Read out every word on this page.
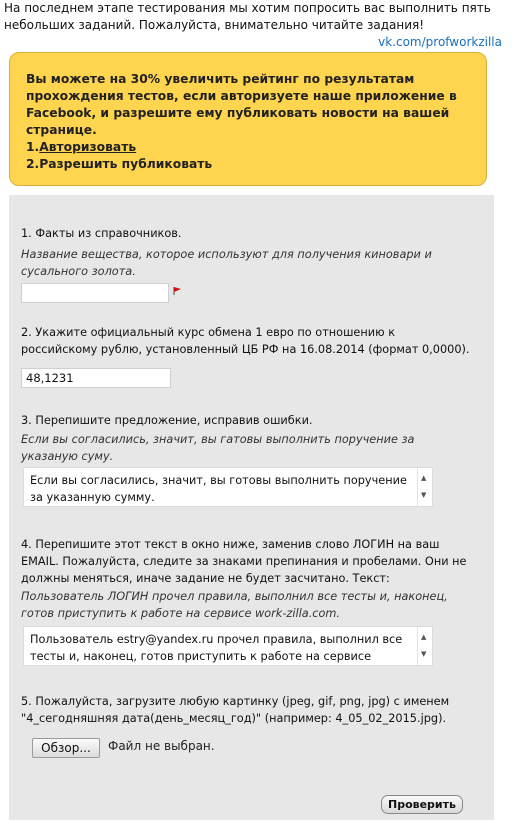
На последнем этапе тестирования мы хотим попросить вас выполнить пять
небольших заданий. Пожалуйста, внимательно читайте задания!
vk.com/profworkzilla
Вы можете на 30% увеличить рейтинг по результатам прохождения тестов, если авторизуете наше приложение в Facebook, и разрешите ему публиковать новости на вашей странице.
1.Авторизовать
2.Разрешить публиковать
1. Факты из справочников.
Название вещества, которое используют для получения киновари и сусального золота.
2. Укажите официальный курс обмена 1 евро по отношению к российскому рублю, установленный ЦБ РФ на 16.08.2014 (формат 0,0000).
48,1231
3. Перепишите предложение, исправив ошибки.
Если вы согласились, значит, вы гатовы выполнить поручение за указаную суму.
Если вы согласились, значит, вы готовы выполнить поручение за указанную сумму.
▲
▼
4. Перепишите этот текст в окно ниже, заменив слово ЛОГИН на ваш EMAIL. Пожалуйста, следите за знаками препинания и пробелами. Они не должны меняться, иначе задание не будет засчитано. Текст:
Пользователь ЛОГИН прочел правила, выполнил все тесты и, наконец, готов приступить к работе на сервисе work-zilla.com.
Пользователь estry@yandex.ru прочел правила, выполнил все тесты и, наконец, готов приступить к работе на сервисе
▲
▼
5. Пожалуйста, загрузите любую картинку (jpeg, gif, png, jpg) с именем "4_сегодняшняя дата(день_месяц_год)" (например: 4_05_02_2015.jpg).
Обзор...	Файл не выбран.
Проверить
